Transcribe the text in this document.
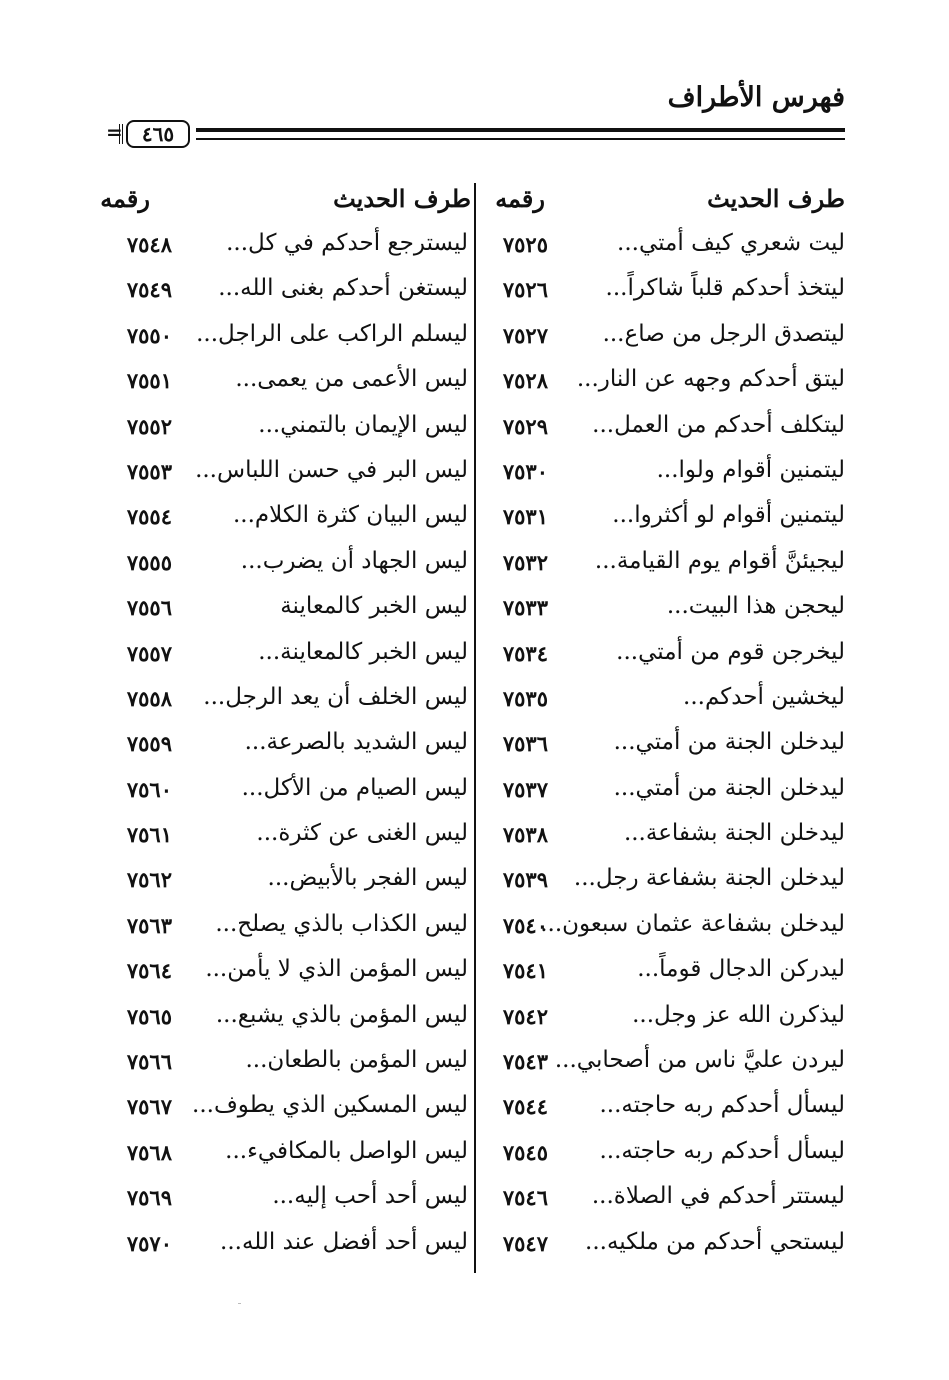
فهرس الأطراف
٤٦٥
=
طرف الحديث
رقمه
طرف الحديث
رقمه
ليت شعري كيف أمتي...
٧٥٢٥
ليسترجع أحدكم في كل...
٧٥٤٨
ليتخذ أحدكم قلباً شاكراً...
٧٥٢٦
ليستغن أحدكم بغنى الله...
٧٥٤٩
ليتصدق الرجل من صاع...
٧٥٢٧
ليسلم الراكب على الراجل...
٧٥٥٠
ليتق أحدكم وجهه عن النار...
٧٥٢٨
ليس الأعمى من يعمى...
٧٥٥١
ليتكلف أحدكم من العمل...
٧٥٢٩
ليس الإيمان بالتمني...
٧٥٥٢
ليتمنين أقوام ولوا...
٧٥٣٠
ليس البر في حسن اللباس...
٧٥٥٣
ليتمنين أقوام لو أكثروا...
٧٥٣١
ليس البيان كثرة الكلام...
٧٥٥٤
ليجيئنَّ أقوام يوم القيامة...
٧٥٣٢
ليس الجهاد أن يضرب...
٧٥٥٥
ليحجن هذا البيت...
٧٥٣٣
ليس الخبر كالمعاينة
٧٥٥٦
ليخرجن قوم من أمتي...
٧٥٣٤
ليس الخبر كالمعاينة...
٧٥٥٧
ليخشين أحدكم...
٧٥٣٥
ليس الخلف أن يعد الرجل...
٧٥٥٨
ليدخلن الجنة من أمتي...
٧٥٣٦
ليس الشديد بالصرعة...
٧٥٥٩
ليدخلن الجنة من أمتي...
٧٥٣٧
ليس الصيام من الأكل...
٧٥٦٠
ليدخلن الجنة بشفاعة...
٧٥٣٨
ليس الغنى عن كثرة...
٧٥٦١
ليدخلن الجنة بشفاعة رجل...
٧٥٣٩
ليس الفجر بالأبيض...
٧٥٦٢
ليدخلن بشفاعة عثمان سبعون...
٧٥٤٠
ليس الكذاب بالذي يصلح...
٧٥٦٣
ليدركن الدجال قوماً...
٧٥٤١
ليس المؤمن الذي لا يأمن...
٧٥٦٤
ليذكرن الله عز وجل...
٧٥٤٢
ليس المؤمن بالذي يشبع...
٧٥٦٥
ليردن عليَّ ناس من أصحابي...
٧٥٤٣
ليس المؤمن بالطعان...
٧٥٦٦
ليسأل أحدكم ربه حاجته...
٧٥٤٤
ليس المسكين الذي يطوف...
٧٥٦٧
ليسأل أحدكم ربه حاجته...
٧٥٤٥
ليس الواصل بالمكافيء...
٧٥٦٨
ليستتر أحدكم في الصلاة...
٧٥٤٦
ليس أحد أحب إليه...
٧٥٦٩
ليستحي أحدكم من ملكيه...
٧٥٤٧
ليس أحد أفضل عند الله...
٧٥٧٠
